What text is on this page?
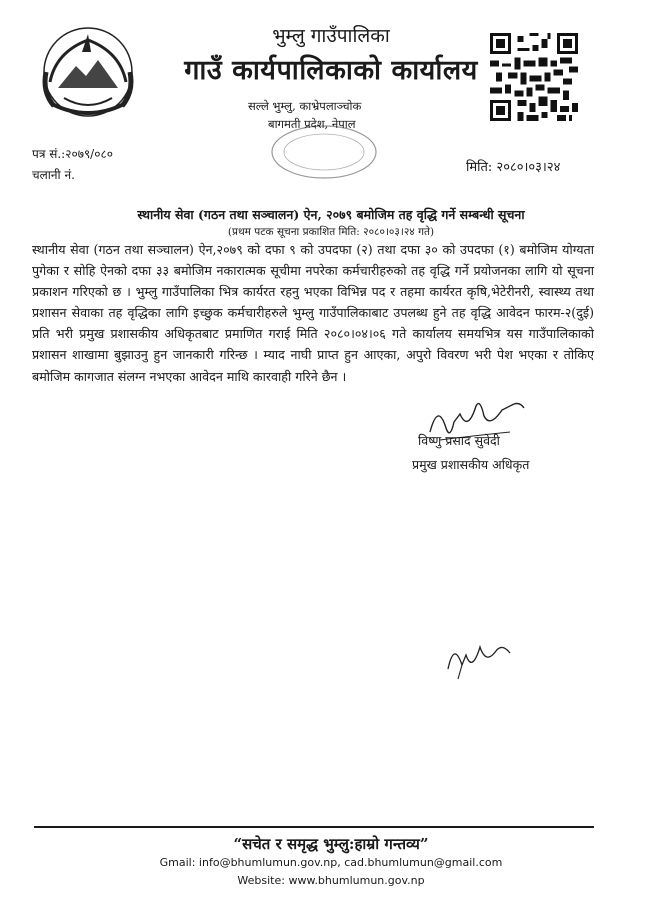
भुम्लु गाउँपालिका
गाउँ कार्यपालिकाको कार्यालय
सल्ले भुम्लु, काभ्रेपलाञ्चोक
बागमती प्रदेश, नेपाल
पत्र सं.:२०७९/०८०
चलानी नं.	मिति: २०८०।०३।२४
स्थानीय सेवा (गठन तथा सञ्चालन) ऐन, २०७९ बमोजिम तह वृद्धि गर्ने सम्बन्धी सूचना
(प्रथम पटक सूचना प्रकाशित मिति: २०८०।०३।२४ गते)
स्थानीय सेवा (गठन तथा सञ्चालन) ऐन,२०७९ को दफा ९ को उपदफा (२) तथा दफा ३० को उपदफा (१) बमोजिम योग्यता पुगेका र सोहि ऐनको दफा ३३ बमोजिम नकारात्मक सूचीमा नपरेका कर्मचारीहरुको तह वृद्धि गर्ने प्रयोजनका लागि यो सूचना प्रकाशन गरिएको छ । भुम्लु गाउँपालिका भित्र कार्यरत रहनु भएका विभिन्न पद र तहमा कार्यरत कृषि,भेटेरीनरी, स्वास्थ्य तथा प्रशासन सेवाका तह वृद्धिका लागि इच्छुक कर्मचारीहरुले भुम्लु गाउँपालिकाबाट उपलब्ध हुने तह वृद्धि आवेदन फारम-२(दुई) प्रति भरी प्रमुख प्रशासकीय अधिकृतबाट प्रमाणित गराई मिति २०८०।०४।०६ गते कार्यालय समयभित्र यस गाउँपालिकाको प्रशासन शाखामा बुझाउनु हुन जानकारी गरिन्छ । म्याद नाघी प्राप्त हुन आएका, अपुरो विवरण भरी पेश भएका र तोकिए बमोजिम कागजात संलग्न नभएका आवेदन माथि कारवाही गरिने छैन ।
विष्णु प्रसाद सुवेदी
प्रमुख प्रशासकीय अधिकृत
“सचेत र समृद्ध भुम्लु:हाम्रो गन्तव्य”
Gmail: info@bhumlumun.gov.np, cad.bhumlumun@gmail.com
Website: www.bhumlumun.gov.np
